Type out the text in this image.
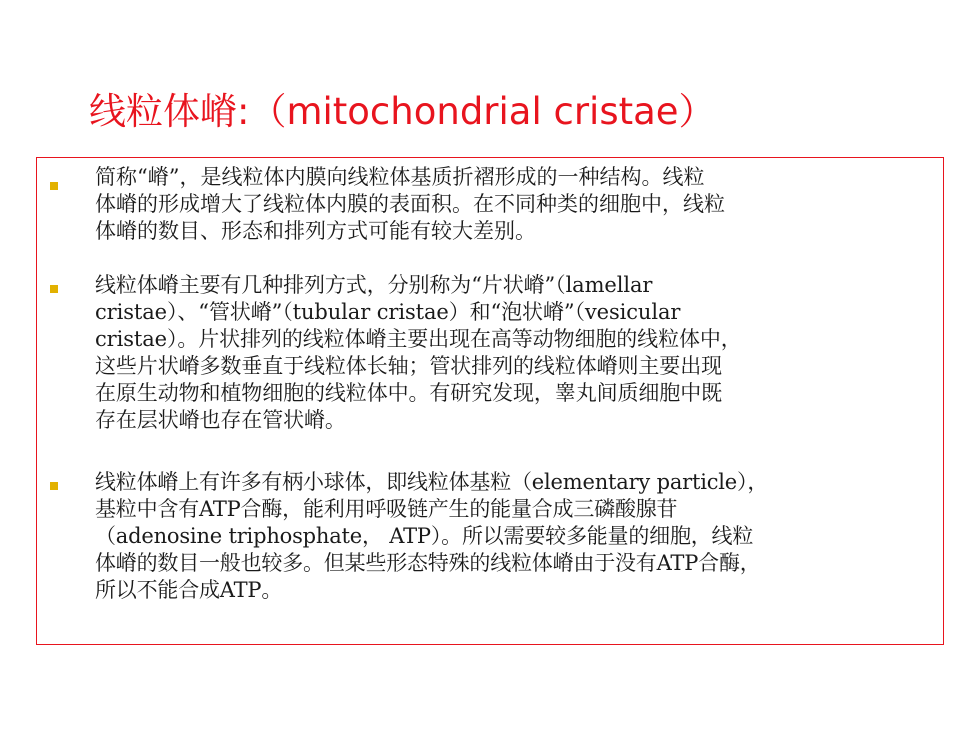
线粒体嵴:（mitochondrial cristae）

简称“嵴”，是线粒体内膜向线粒体基质折褶形成的一种结构。线粒
体嵴的形成增大了线粒体内膜的表面积。在不同种类的细胞中，线粒
体嵴的数目、形态和排列方式可能有较大差别。

线粒体嵴主要有几种排列方式，分别称为“片状嵴”（lamellar
cristae）、“管状嵴”（tubular cristae）和“泡状嵴”（vesicular
cristae）。片状排列的线粒体嵴主要出现在高等动物细胞的线粒体中，
这些片状嵴多数垂直于线粒体长轴；管状排列的线粒体嵴则主要出现
在原生动物和植物细胞的线粒体中。有研究发现，睾丸间质细胞中既
存在层状嵴也存在管状嵴。

线粒体嵴上有许多有柄小球体，即线粒体基粒（elementary particle），
基粒中含有ATP合酶，能利用呼吸链产生的能量合成三磷酸腺苷
（adenosine triphosphate， ATP）。所以需要较多能量的细胞，线粒
体嵴的数目一般也较多。但某些形态特殊的线粒体嵴由于没有ATP合酶，
所以不能合成ATP。
